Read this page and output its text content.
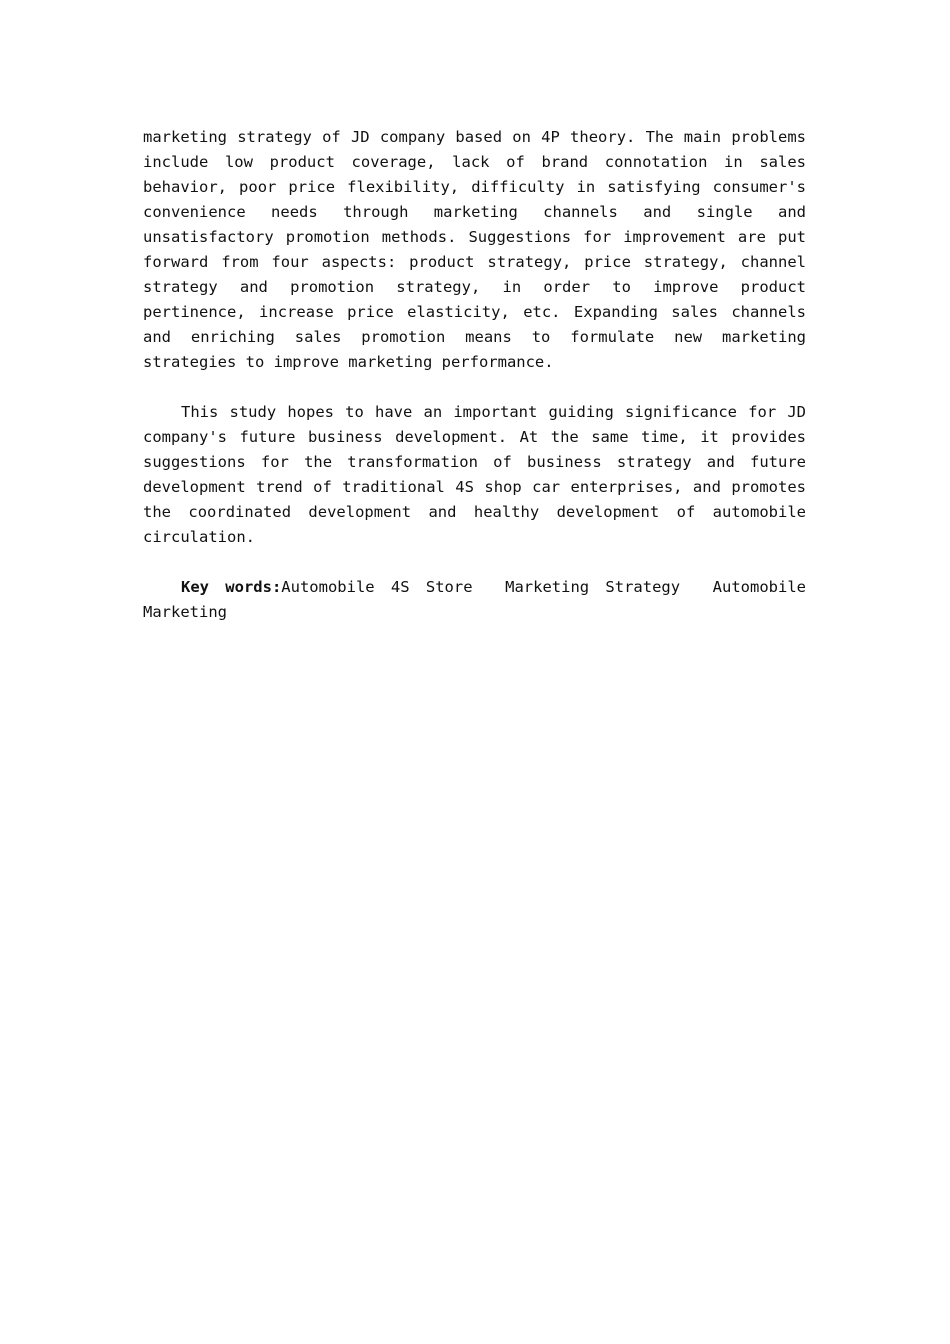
marketing strategy of JD company based on 4P theory. The main problems include low product coverage, lack of brand connotation in sales behavior, poor price flexibility, difficulty in satisfying consumer's convenience needs through marketing channels and single and unsatisfactory promotion methods. Suggestions for improvement are put forward from four aspects: product strategy, price strategy, channel strategy and promotion strategy, in order to improve product pertinence, increase price elasticity, etc. Expanding sales channels and enriching sales promotion means to formulate new marketing strategies to improve marketing performance.

This study hopes to have an important guiding significance for JD company's future business development. At the same time, it provides suggestions for the transformation of business strategy and future development trend of traditional 4S shop car enterprises, and promotes the coordinated development and healthy development of automobile circulation.

Key words:Automobile 4S Store  Marketing Strategy  Automobile Marketing
